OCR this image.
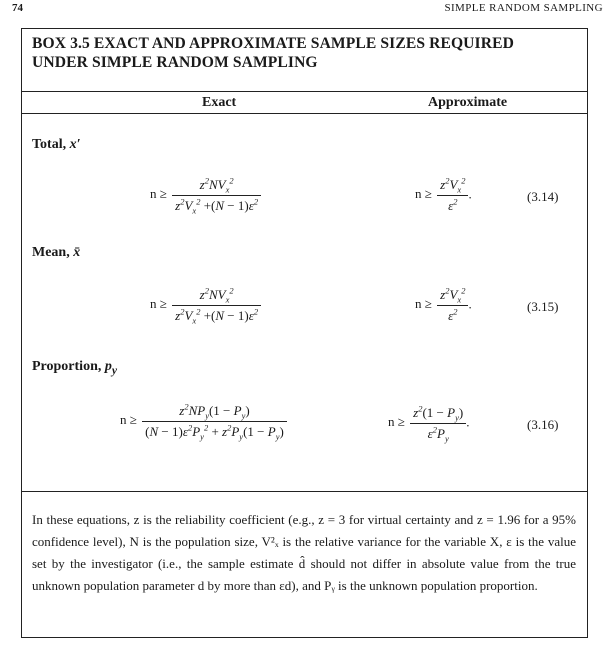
74	SIMPLE RANDOM SAMPLING
BOX 3.5 EXACT AND APPROXIMATE SAMPLE SIZES REQUIRED UNDER SIMPLE RANDOM SAMPLING
Exact	Approximate
Total, x′
$n \ge \frac{z^2NV_x^2}{z^2V_x^2 +(N - 1)\varepsilon^2}$	$n \ge \frac{z^2V_x^2}{\varepsilon^2}$ .	(3.14)
Mean, x̄
$n \ge \frac{z^2NV_x^2}{z^2V_x^2 +(N - 1)\varepsilon^2}$	$n \ge \frac{z^2V_x^2}{\varepsilon^2}$ .	(3.15)
Proportion, $p_y$
$n \ge \frac{z^2NP_y(1 - P_y)}{(N - 1)\varepsilon^2P_y^2 + z^2P_y(1 - P_y)}$	$n \ge \frac{z^2(1 - P_y)}{\varepsilon^2P_y}$ .	(3.16)
In these equations, z is the reliability coefficient (e.g., z = 3 for virtual certainty and z = 1.96 for a 95% confidence level), N is the population size, V²ₓ is the relative variance for the variable X, ε is the value set by the investigator (i.e., the sample estimate d̂ should not differ in absolute value from the true unknown population parameter d by more than εd), and Pᵧ is the unknown population proportion.
